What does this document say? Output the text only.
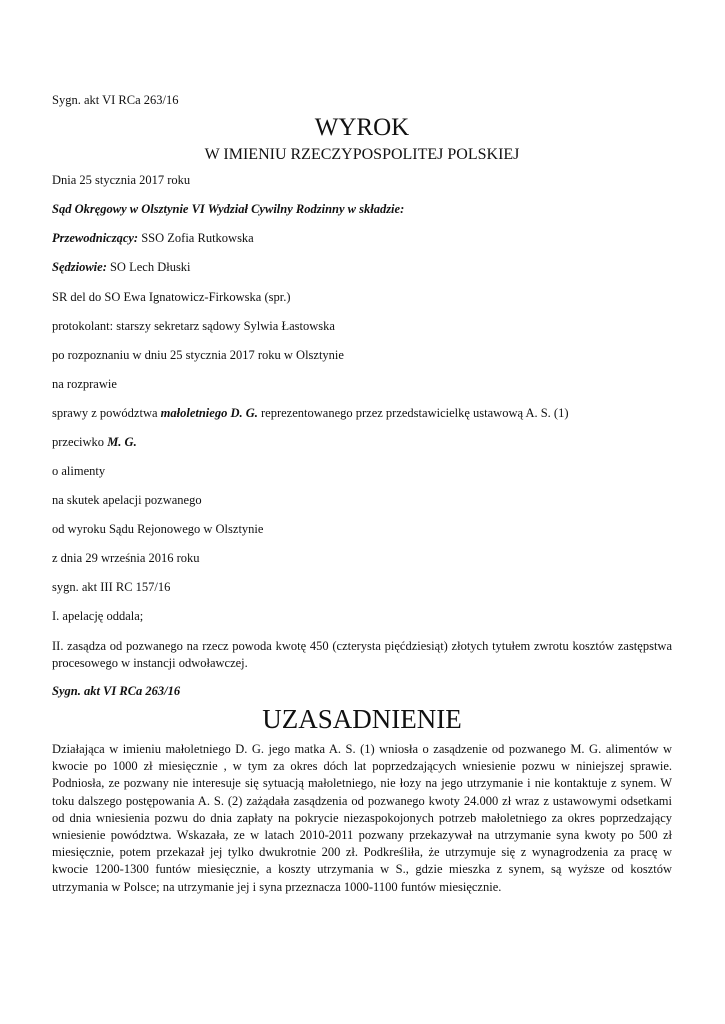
Sygn. akt VI RCa 263/16
WYROK
W IMIENIU RZECZYPOSPOLITEJ POLSKIEJ
Dnia 25 stycznia 2017 roku
Sąd Okręgowy w Olsztynie VI Wydział Cywilny Rodzinny w składzie:
Przewodniczący: SSO Zofia Rutkowska
Sędziowie: SO Lech Dłuski
SR del do SO Ewa Ignatowicz-Firkowska (spr.)
protokolant: starszy sekretarz sądowy Sylwia Łastowska
po rozpoznaniu w dniu 25 stycznia 2017 roku w Olsztynie
na rozprawie
sprawy z powództwa małoletniego D. G. reprezentowanego przez przedstawicielkę ustawową A. S. (1)
przeciwko M. G.
o alimenty
na skutek apelacji pozwanego
od wyroku Sądu Rejonowego w Olsztynie
z dnia 29 września 2016 roku
sygn. akt III RC 157/16
I. apelację oddala;
II. zasądza od pozwanego na rzecz powoda kwotę 450 (czterysta pięćdziesiąt) złotych tytułem zwrotu kosztów zastępstwa procesowego w instancji odwoławczej.
Sygn. akt VI RCa 263/16
UZASADNIENIE
Działająca w imieniu małoletniego D. G. jego matka A. S. (1) wniosła o zasądzenie od pozwanego M. G. alimentów w kwocie po 1000 zł miesięcznie , w tym za okres dóch lat poprzedzających wniesienie pozwu w niniejszej sprawie. Podniosła, ze pozwany nie interesuje się sytuacją małoletniego, nie łozy na jego utrzymanie i nie kontaktuje z synem. W toku dalszego postępowania A. S. (2) zażądała zasądzenia od pozwanego kwoty 24.000 zł wraz z ustawowymi odsetkami od dnia wniesienia pozwu do dnia zapłaty na pokrycie niezaspokojonych potrzeb małoletniego za okres poprzedzający wniesienie powództwa. Wskazała, ze w latach 2010-2011 pozwany przekazywał na utrzymanie syna kwoty po 500 zł miesięcznie, potem przekazał jej tylko dwukrotnie 200 zł. Podkreśliła, że utrzymuje się z wynagrodzenia za pracę w kwocie 1200-1300 funtów miesięcznie, a koszty utrzymania w S., gdzie mieszka z synem, są wyższe od kosztów utrzymania w Polsce; na utrzymanie jej i syna przeznacza 1000-1100 funtów miesięcznie.
